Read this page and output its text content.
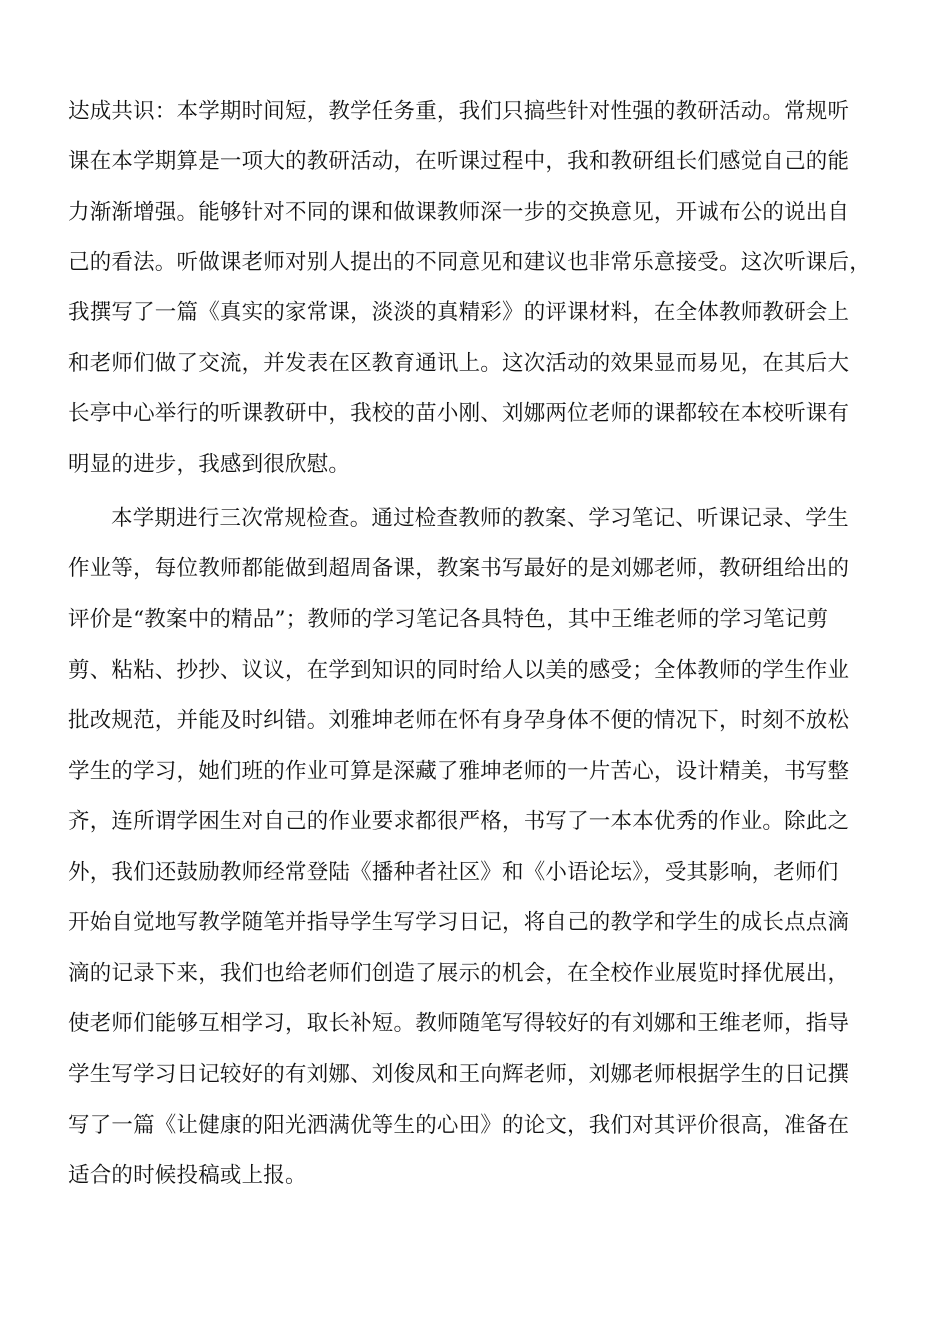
达成共识：本学期时间短，教学任务重，我们只搞些针对性强的教研活动。常规听
课在本学期算是一项大的教研活动，在听课过程中，我和教研组长们感觉自己的能
力渐渐增强。能够针对不同的课和做课教师深一步的交换意见，开诚布公的说出自
己的看法。听做课老师对别人提出的不同意见和建议也非常乐意接受。这次听课后，
我撰写了一篇《真实的家常课，淡淡的真精彩》的评课材料，在全体教师教研会上
和老师们做了交流，并发表在区教育通讯上。这次活动的效果显而易见，在其后大
长亭中心举行的听课教研中，我校的苗小刚、刘娜两位老师的课都较在本校听课有
明显的进步，我感到很欣慰。
本学期进行三次常规检查。通过检查教师的教案、学习笔记、听课记录、学生
作业等，每位教师都能做到超周备课，教案书写最好的是刘娜老师，教研组给出的
评价是“教案中的精品”；教师的学习笔记各具特色，其中王维老师的学习笔记剪
剪、粘粘、抄抄、议议，在学到知识的同时给人以美的感受；全体教师的学生作业
批改规范，并能及时纠错。刘雅坤老师在怀有身孕身体不便的情况下，时刻不放松
学生的学习，她们班的作业可算是深藏了雅坤老师的一片苦心，设计精美，书写整
齐，连所谓学困生对自己的作业要求都很严格，书写了一本本优秀的作业。除此之
外，我们还鼓励教师经常登陆《播种者社区》和《小语论坛》，受其影响，老师们
开始自觉地写教学随笔并指导学生写学习日记，将自己的教学和学生的成长点点滴
滴的记录下来，我们也给老师们创造了展示的机会，在全校作业展览时择优展出，
使老师们能够互相学习，取长补短。教师随笔写得较好的有刘娜和王维老师，指导
学生写学习日记较好的有刘娜、刘俊凤和王向辉老师，刘娜老师根据学生的日记撰
写了一篇《让健康的阳光洒满优等生的心田》的论文，我们对其评价很高，准备在
适合的时候投稿或上报。
